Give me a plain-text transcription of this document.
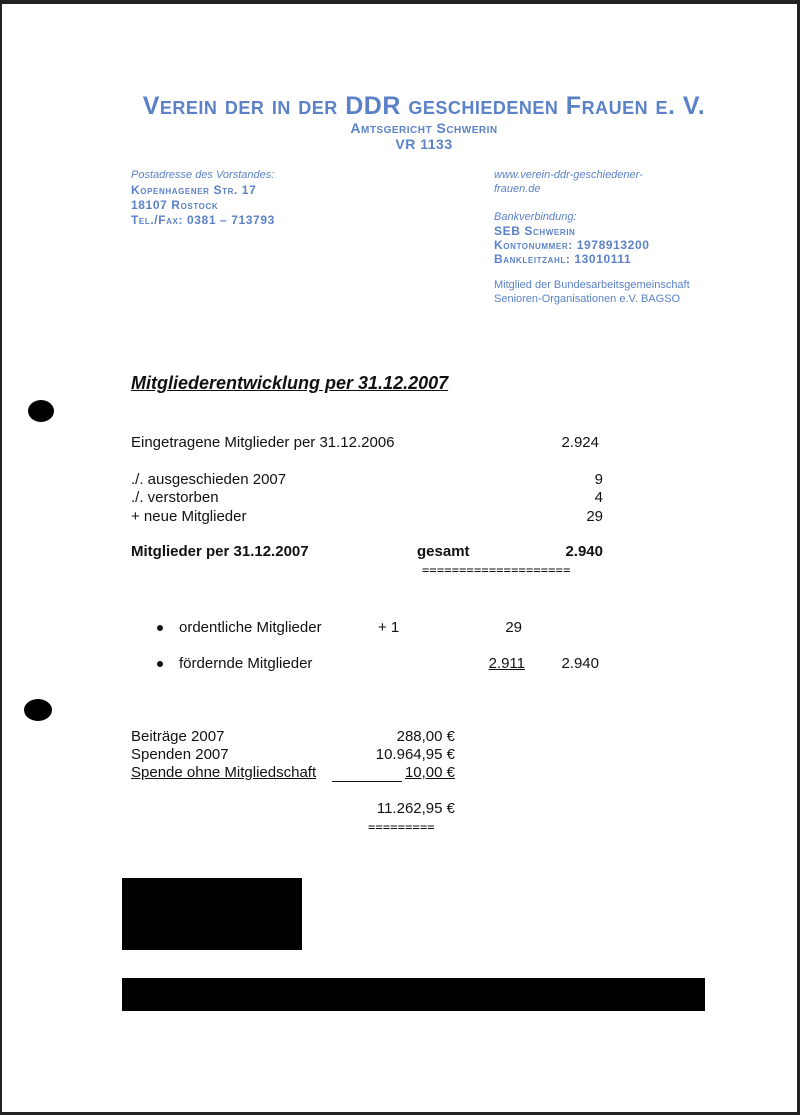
Verein der in der DDR geschiedenen Frauen e. V.
Amtsgericht Schwerin
VR 1133
Postadresse des Vorstandes:
Kopenhagener Str. 17
18107 Rostock
Tel./Fax: 0381 – 713793
www.verein-ddr-geschiedener-
frauen.de
Bankverbindung:
SEB Schwerin
Kontonummer: 1978913200
Bankleitzahl: 13010111
Mitglied der Bundesarbeitsgemeinschaft
Senioren-Organisationen e.V. BAGSO
Mitgliederentwicklung per 31.12.2007
Eingetragene Mitglieder per 31.12.2006	2.924
./. ausgeschieden 2007	9
./. verstorben	4
+ neue Mitglieder	29
Mitglieder per 31.12.2007	gesamt	2.940
====================
ordentliche Mitglieder	+ 1	29
fördernde Mitglieder	2.911 2.940
Beiträge 2007	288,00 €
Spenden 2007	10.964,95 €
Spende ohne Mitgliedschaft	10,00 €
11.262,95 €
=========
